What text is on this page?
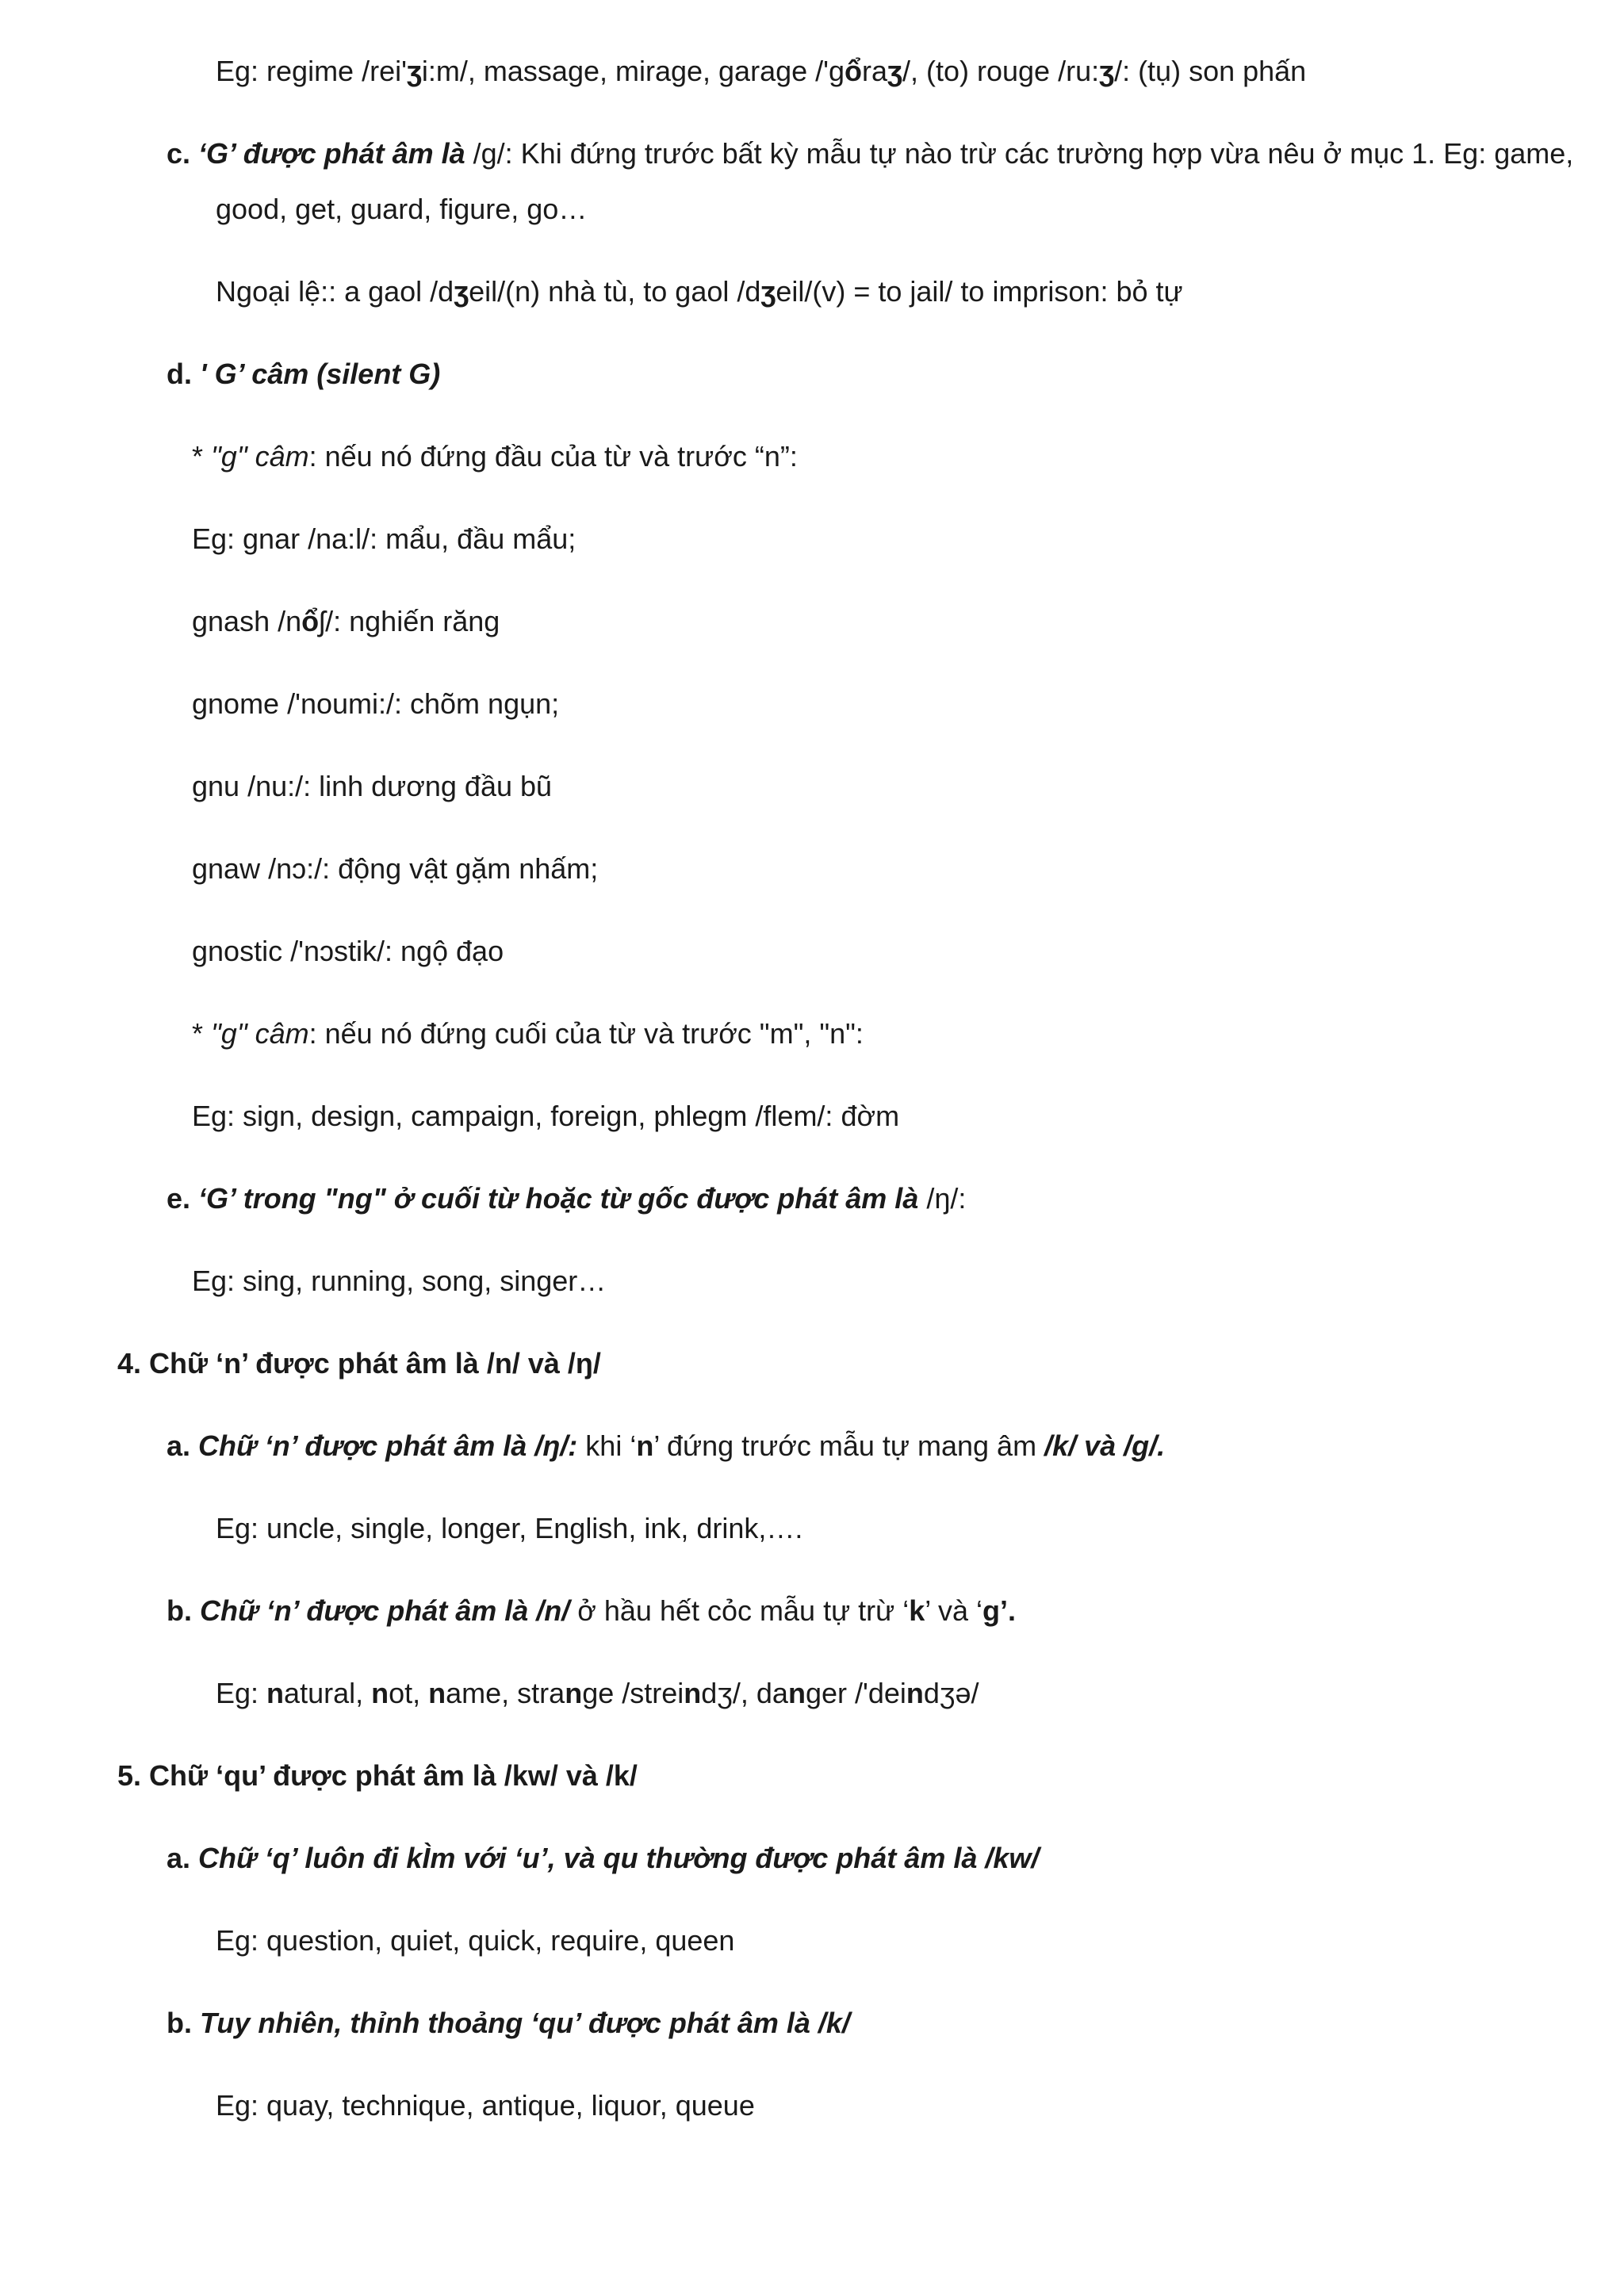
Eg: regime /rei'ʒi:m/, massage, mirage, garage /'gổraʒ/, (to) rouge /ru:ʒ/: (tụ) son phấn
c. ‘G’ được phát âm là /g/: Khi đứng trước bất kỳ mẫu tự nào trừ các trường hợp vừa nêu ở mục 1. Eg: game,
good, get, guard, figure, go…
Ngoại lệ:: a gaol /dʒeil/(n) nhà tù, to gaol /dʒeil/(v) = to jail/ to imprison: bỏ tự
d. ' G’ câm (silent G)
* "g" câm: nếu nó đứng đầu của từ và trước “n”:
Eg: gnar /na:l/: mẩu, đầu mẩu;
gnash /nổʃ/: nghiến răng
gnome /'noumi:/: chõm ngụn;
gnu /nu:/: linh dương đầu bũ
gnaw /nɔ:/: động vật gặm nhấm;
gnostic /'nɔstik/: ngộ đạo
* "g" câm: nếu nó đứng cuối của từ và trước "m", "n":
Eg: sign, design, campaign, foreign, phlegm /flem/: đờm
e. ‘G’ trong "ng" ở cuối từ hoặc từ gốc được phát âm là /ŋ/:
Eg: sing, running, song, singer…
4. Chữ ‘n’ được phát âm là /n/ và /ŋ/
a. Chữ ‘n’ được phát âm là /ŋ/: khi ‘n’ đứng trước mẫu tự mang âm /k/ và /g/.
Eg: uncle, single, longer, English, ink, drink,….
b. Chữ ‘n’ được phát âm là /n/ ở hầu hết cỏc mẫu tự trừ ‘k’ và ‘g’.
Eg: natural, not, name, strange /streindʒ/, danger /'deindʒə/
5. Chữ ‘qu’ được phát âm là /kw/ và /k/
a. Chữ ‘q’ luôn đi kÌm với ‘u’, và qu thường được phát âm là /kw/
Eg: question, quiet, quick, require, queen
b. Tuy nhiên, thỉnh thoảng ‘qu’ được phát âm là /k/
Eg: quay, technique, antique, liquor, queue
